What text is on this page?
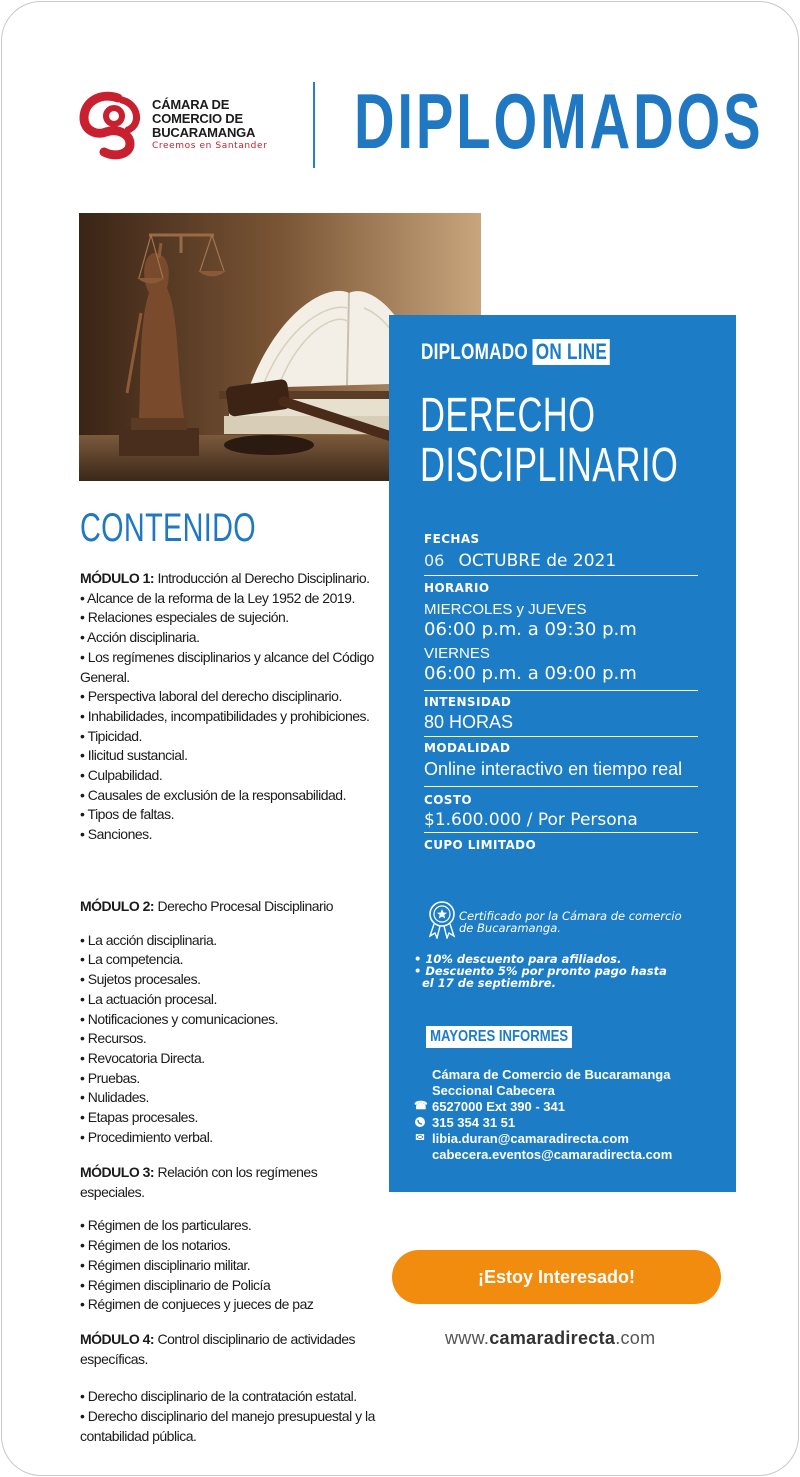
CÁMARA DE
COMERCIO DE
BUCARAMANGA
Creemos en Santander DIPLOMADOS
DIPLOMADO ON LINE
DERECHO
DISCIPLINARIO
FECHAS
06 OCTUBRE de 2021
HORARIO
MIERCOLES y JUEVES
06:00 p.m. a 09:30 p.m
VIERNES
06:00 p.m. a 09:00 p.m
INTENSIDAD
80 HORAS
MODALIDAD
Online interactivo en tiempo real
COSTO
$1.600.000 / Por Persona
CUPO LIMITADO
Certificado por la Cámara de comercio
de Bucaramanga.
• 10% descuento para afiliados.
• Descuento 5% por pronto pago hasta
el 17 de septiembre.
MAYORES INFORMES
Cámara de Comercio de Bucaramanga
Seccional Cabecera
☎ 6527000 Ext 390 - 341
315 354 31 51
✉ libia.duran@camaradirecta.com
cabecera.eventos@camaradirecta.com
CONTENIDO
MÓDULO 1: Introducción al Derecho Disciplinario.
• Alcance de la reforma de la Ley 1952 de 2019.
• Relaciones especiales de sujeción.
• Acción disciplinaria.
• Los regímenes disciplinarios y alcance del Código General.
• Perspectiva laboral del derecho disciplinario.
• Inhabilidades, incompatibilidades y prohibiciones.
• Tipicidad.
• Ilicitud sustancial.
• Culpabilidad.
• Causales de exclusión de la responsabilidad.
• Tipos de faltas.
• Sanciones.
MÓDULO 2: Derecho Procesal Disciplinario
• La acción disciplinaria.
• La competencia.
• Sujetos procesales.
• La actuación procesal.
• Notificaciones y comunicaciones.
• Recursos.
• Revocatoria Directa.
• Pruebas.
• Nulidades.
• Etapas procesales.
• Procedimiento verbal.
MÓDULO 3: Relación con los regímenes especiales.
• Régimen de los particulares.
• Régimen de los notarios.
• Régimen disciplinario militar.
• Régimen disciplinario de Policía
• Régimen de conjueces y jueces de paz
MÓDULO 4: Control disciplinario de actividades específicas.
• Derecho disciplinario de la contratación estatal.
• Derecho disciplinario del manejo presupuestal y la contabilidad pública.
¡Estoy Interesado!
www.camaradirecta.com
